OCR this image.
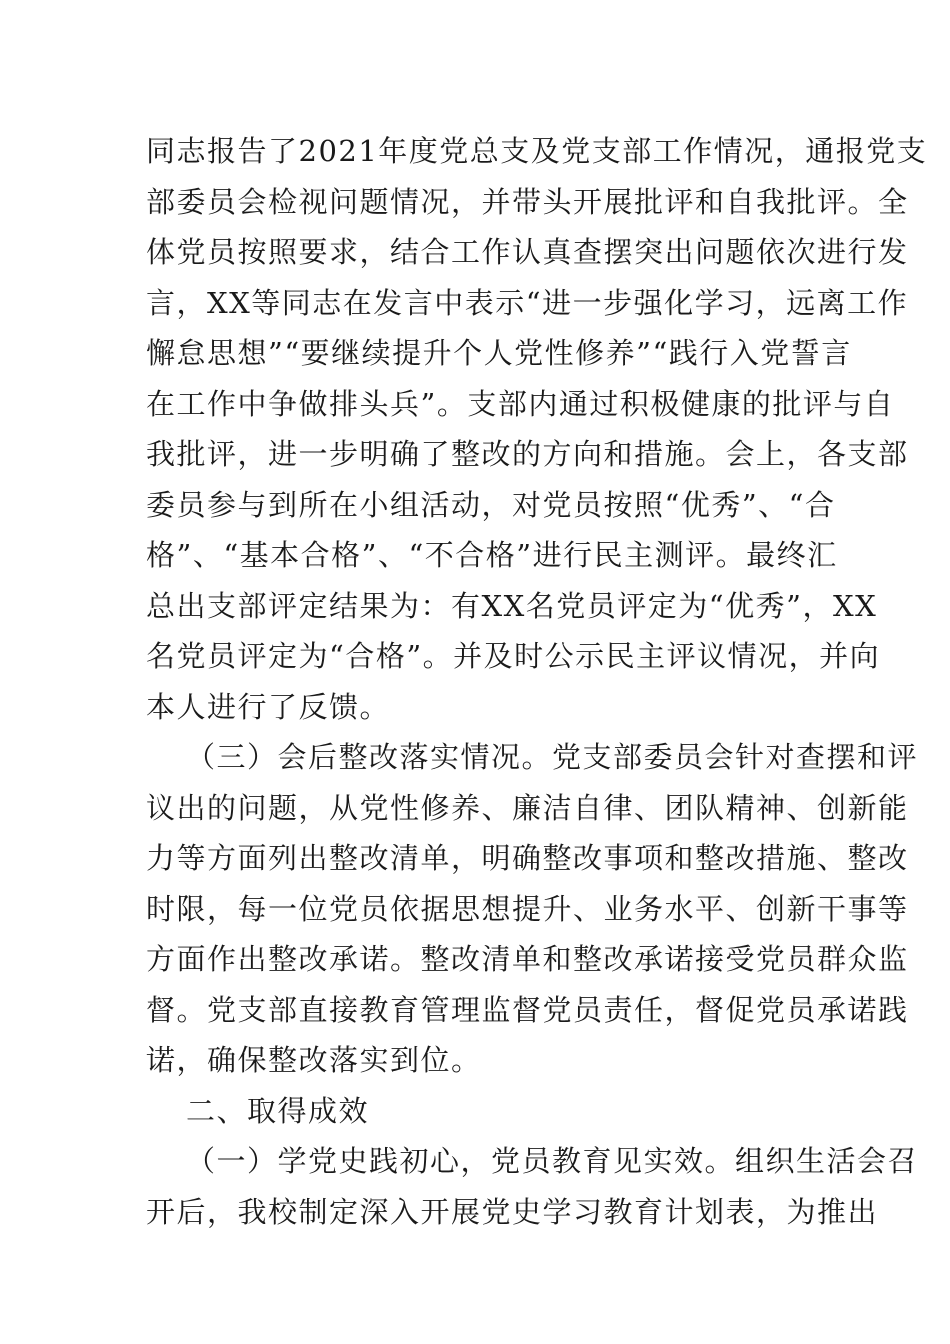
同志报告了2021年度党总支及党支部工作情况，通报党支
部委员会检视问题情况，并带头开展批评和自我批评。全
体党员按照要求，结合工作认真查摆突出问题依次进行发
言，XX等同志在发言中表示“进一步强化学习，远离工作
懈怠思想”“要继续提升个人党性修养”“践行入党誓言
在工作中争做排头兵”。支部内通过积极健康的批评与自
我批评，进一步明确了整改的方向和措施。会上，各支部
委员参与到所在小组活动，对党员按照“优秀”、“合
格”、“基本合格”、“不合格”进行民主测评。最终汇
总出支部评定结果为：有XX名党员评定为“优秀”，XX
名党员评定为“合格”。并及时公示民主评议情况，并向
本人进行了反馈。
（三）会后整改落实情况。党支部委员会针对查摆和评
议出的问题，从党性修养、廉洁自律、团队精神、创新能
力等方面列出整改清单，明确整改事项和整改措施、整改
时限，每一位党员依据思想提升、业务水平、创新干事等
方面作出整改承诺。整改清单和整改承诺接受党员群众监
督。党支部直接教育管理监督党员责任，督促党员承诺践
诺，确保整改落实到位。
二、取得成效
（一）学党史践初心，党员教育见实效。组织生活会召
开后，我校制定深入开展党史学习教育计划表，为推出
